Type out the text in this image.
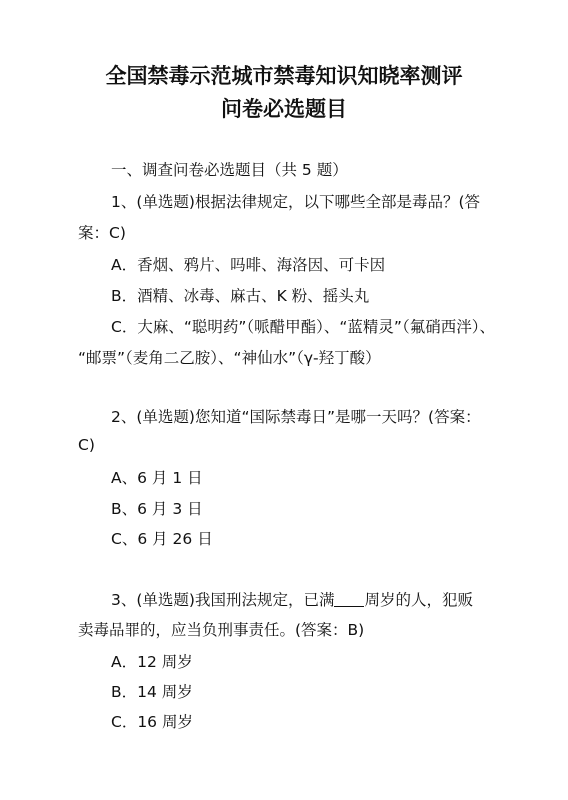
全国禁毒示范城市禁毒知识知晓率测评
问卷必选题目
一、调查问卷必选题目（共 5 题）
1、(单选题)根据法律规定，以下哪些全部是毒品？(答
案：C)
A．香烟、鸦片、吗啡、海洛因、可卡因
B．酒精、冰毒、麻古、K 粉、摇头丸
C．大麻、“聪明药”（哌醋甲酯）、“蓝精灵”（氟硝西泮）、
“邮票”（麦角二乙胺）、“神仙水”（γ-羟丁酸）
2、(单选题)您知道“国际禁毒日”是哪一天吗？(答案：
C)
A、6 月 1 日
B、6 月 3 日
C、6 月 26 日
3、(单选题)我国刑法规定，已满 周岁的人，犯贩
卖毒品罪的，应当负刑事责任。(答案：B)
A．12 周岁
B．14 周岁
C．16 周岁
